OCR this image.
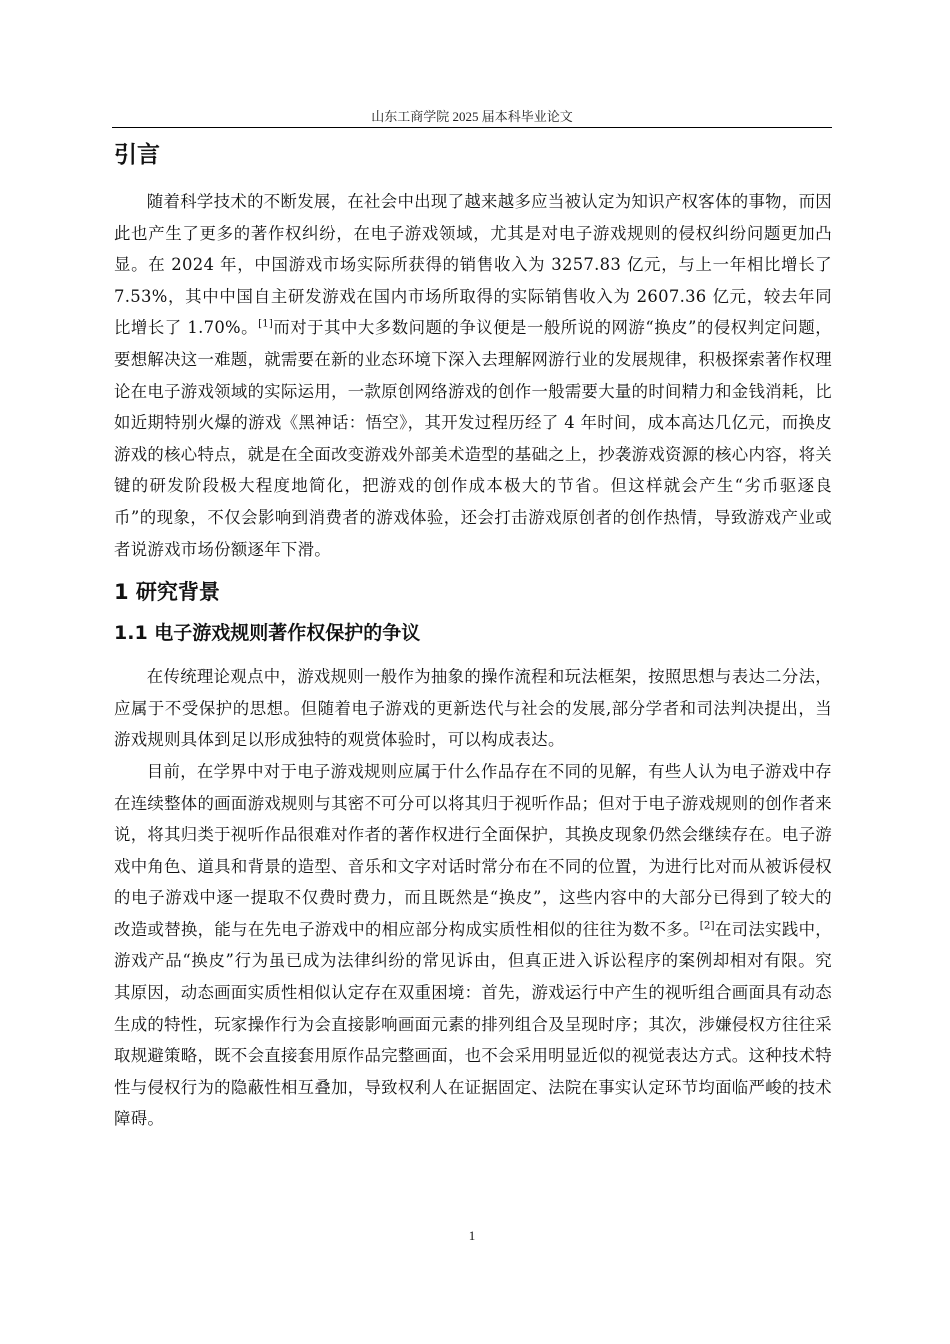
山东工商学院 2025 届本科毕业论文
引言

随着科学技术的不断发展，在社会中出现了越来越多应当被认定为知识产权客体的事物，而因此也产生了更多的著作权纠纷，在电子游戏领域，尤其是对电子游戏规则的侵权纠纷问题更加凸显。在 2024 年，中国游戏市场实际所获得的销售收入为 3257.83 亿元，与上一年相比增长了 7.53%，其中中国自主研发游戏在国内市场所取得的实际销售收入为 2607.36 亿元，较去年同比增长了 1.70%。[1]而对于其中大多数问题的争议便是一般所说的网游“换皮”的侵权判定问题，要想解决这一难题，就需要在新的业态环境下深入去理解网游行业的发展规律，积极探索著作权理论在电子游戏领域的实际运用，一款原创网络游戏的创作一般需要大量的时间精力和金钱消耗，比如近期特别火爆的游戏《黑神话：悟空》，其开发过程历经了 4 年时间，成本高达几亿元，而换皮游戏的核心特点，就是在全面改变游戏外部美术造型的基础之上，抄袭游戏资源的核心内容，将关键的研发阶段极大程度地简化，把游戏的创作成本极大的节省。但这样就会产生“劣币驱逐良币”的现象，不仅会影响到消费者的游戏体验，还会打击游戏原创者的创作热情，导致游戏产业或者说游戏市场份额逐年下滑。

1 研究背景
1.1 电子游戏规则著作权保护的争议

在传统理论观点中，游戏规则一般作为抽象的操作流程和玩法框架，按照思想与表达二分法，应属于不受保护的思想。但随着电子游戏的更新迭代与社会的发展,部分学者和司法判决提出，当游戏规则具体到足以形成独特的观赏体验时，可以构成表达。

目前，在学界中对于电子游戏规则应属于什么作品存在不同的见解，有些人认为电子游戏中存在连续整体的画面游戏规则与其密不可分可以将其归于视听作品；但对于电子游戏规则的创作者来说，将其归类于视听作品很难对作者的著作权进行全面保护，其换皮现象仍然会继续存在。电子游戏中角色、道具和背景的造型、音乐和文字对话时常分布在不同的位置，为进行比对而从被诉侵权的电子游戏中逐一提取不仅费时费力，而且既然是“换皮”，这些内容中的大部分已得到了较大的改造或替换，能与在先电子游戏中的相应部分构成实质性相似的往往为数不多。[2]在司法实践中，游戏产品“换皮”行为虽已成为法律纠纷的常见诉由，但真正进入诉讼程序的案例却相对有限。究其原因，动态画面实质性相似认定存在双重困境：首先，游戏运行中产生的视听组合画面具有动态生成的特性，玩家操作行为会直接影响画面元素的排列组合及呈现时序；其次，涉嫌侵权方往往采取规避策略，既不会直接套用原作品完整画面，也不会采用明显近似的视觉表达方式。这种技术特性与侵权行为的隐蔽性相互叠加，导致权利人在证据固定、法院在事实认定环节均面临严峻的技术障碍。

1
